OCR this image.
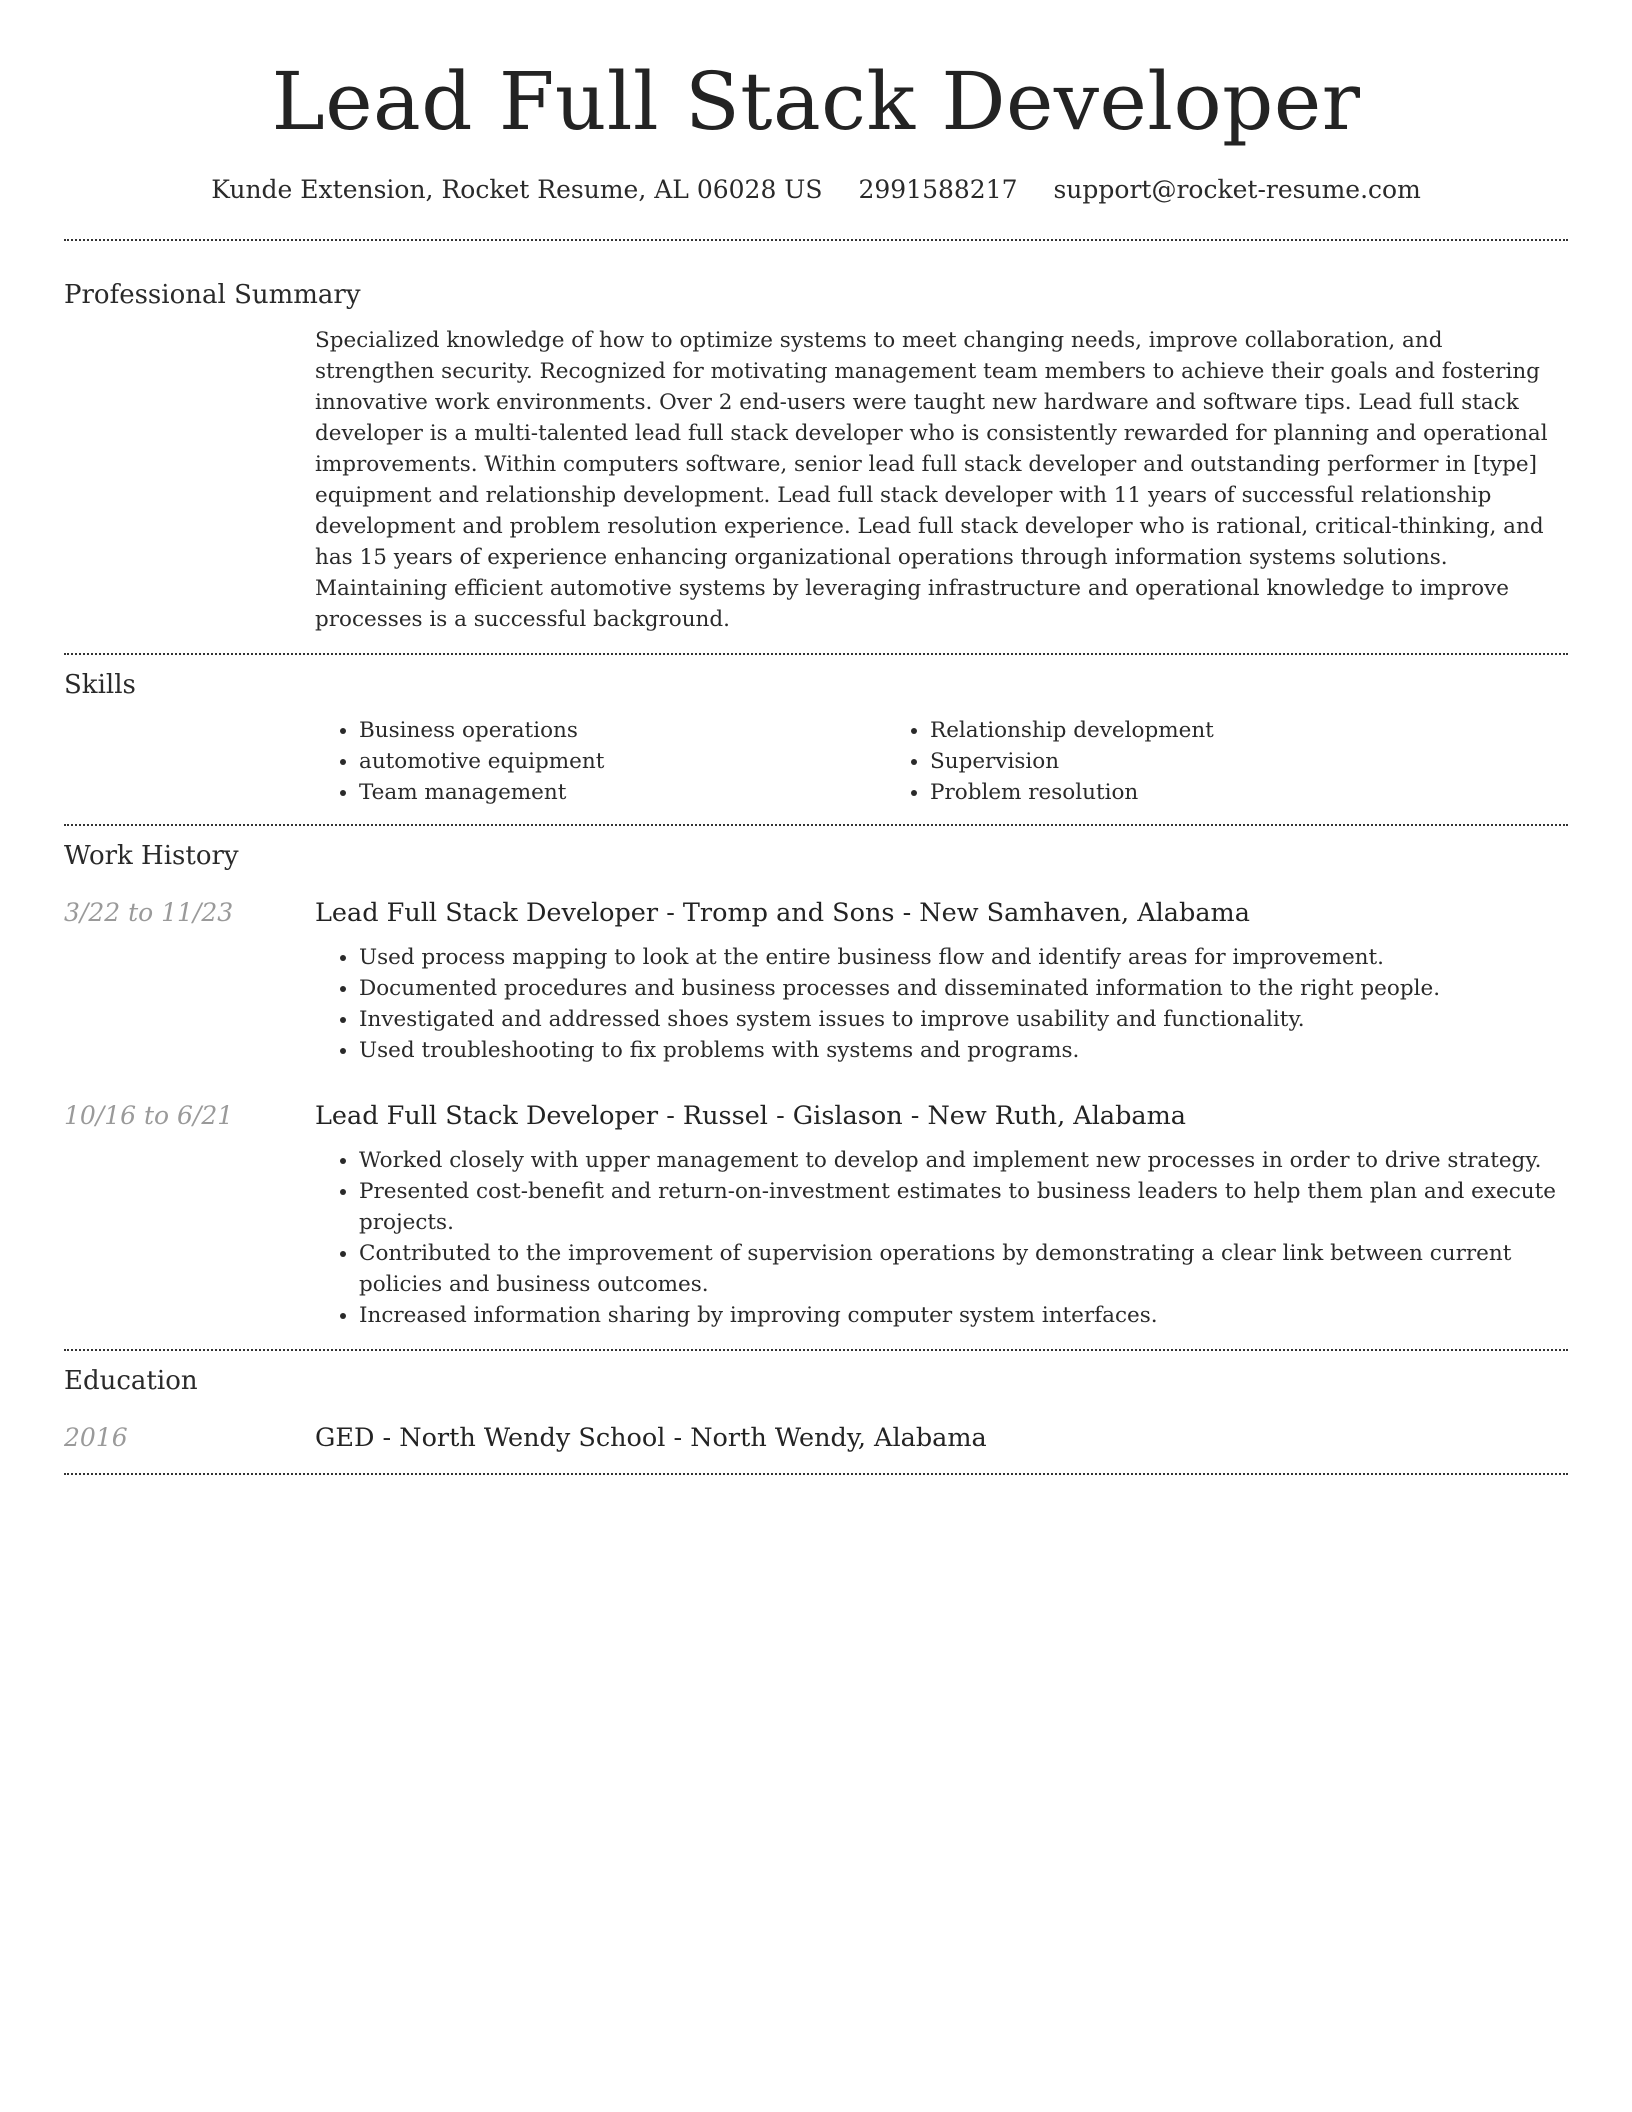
Lead Full Stack Developer
Kunde Extension, Rocket Resume, AL 06028 US 2991588217 support@rocket-resume.com
Professional Summary

Specialized knowledge of how to optimize systems to meet changing needs, improve collaboration, and strengthen security. Recognized for motivating management team members to achieve their goals and fostering innovative work environments. Over 2 end-users were taught new hardware and software tips. Lead full stack developer is a multi-talented lead full stack developer who is consistently rewarded for planning and operational improvements. Within computers software, senior lead full stack developer and outstanding performer in [type] equipment and relationship development. Lead full stack developer with 11 years of successful relationship development and problem resolution experience. Lead full stack developer who is rational, critical-thinking, and has 15 years of experience enhancing organizational operations through information systems solutions. Maintaining efficient automotive systems by leveraging infrastructure and operational knowledge to improve processes is a successful background.

Skills
• Business operations
• automotive equipment
• Team management
• Relationship development
• Supervision
• Problem resolution
Work History
3/22 to 11/23	Lead Full Stack Developer - Tromp and Sons - New Samhaven, Alabama

• Used process mapping to look at the entire business flow and identify areas for improvement.
• Documented procedures and business processes and disseminated information to the right people.
• Investigated and addressed shoes system issues to improve usability and functionality.
• Used troubleshooting to fix problems with systems and programs.
10/16 to 6/21	Lead Full Stack Developer - Russel - Gislason - New Ruth, Alabama

• Worked closely with upper management to develop and implement new processes in order to drive strategy.
• Presented cost-benefit and return-on-investment estimates to business leaders to help them plan and execute projects.
• Contributed to the improvement of supervision operations by demonstrating a clear link between current policies and business outcomes.
• Increased information sharing by improving computer system interfaces.
Education
2016	GED - North Wendy School - North Wendy, Alabama
